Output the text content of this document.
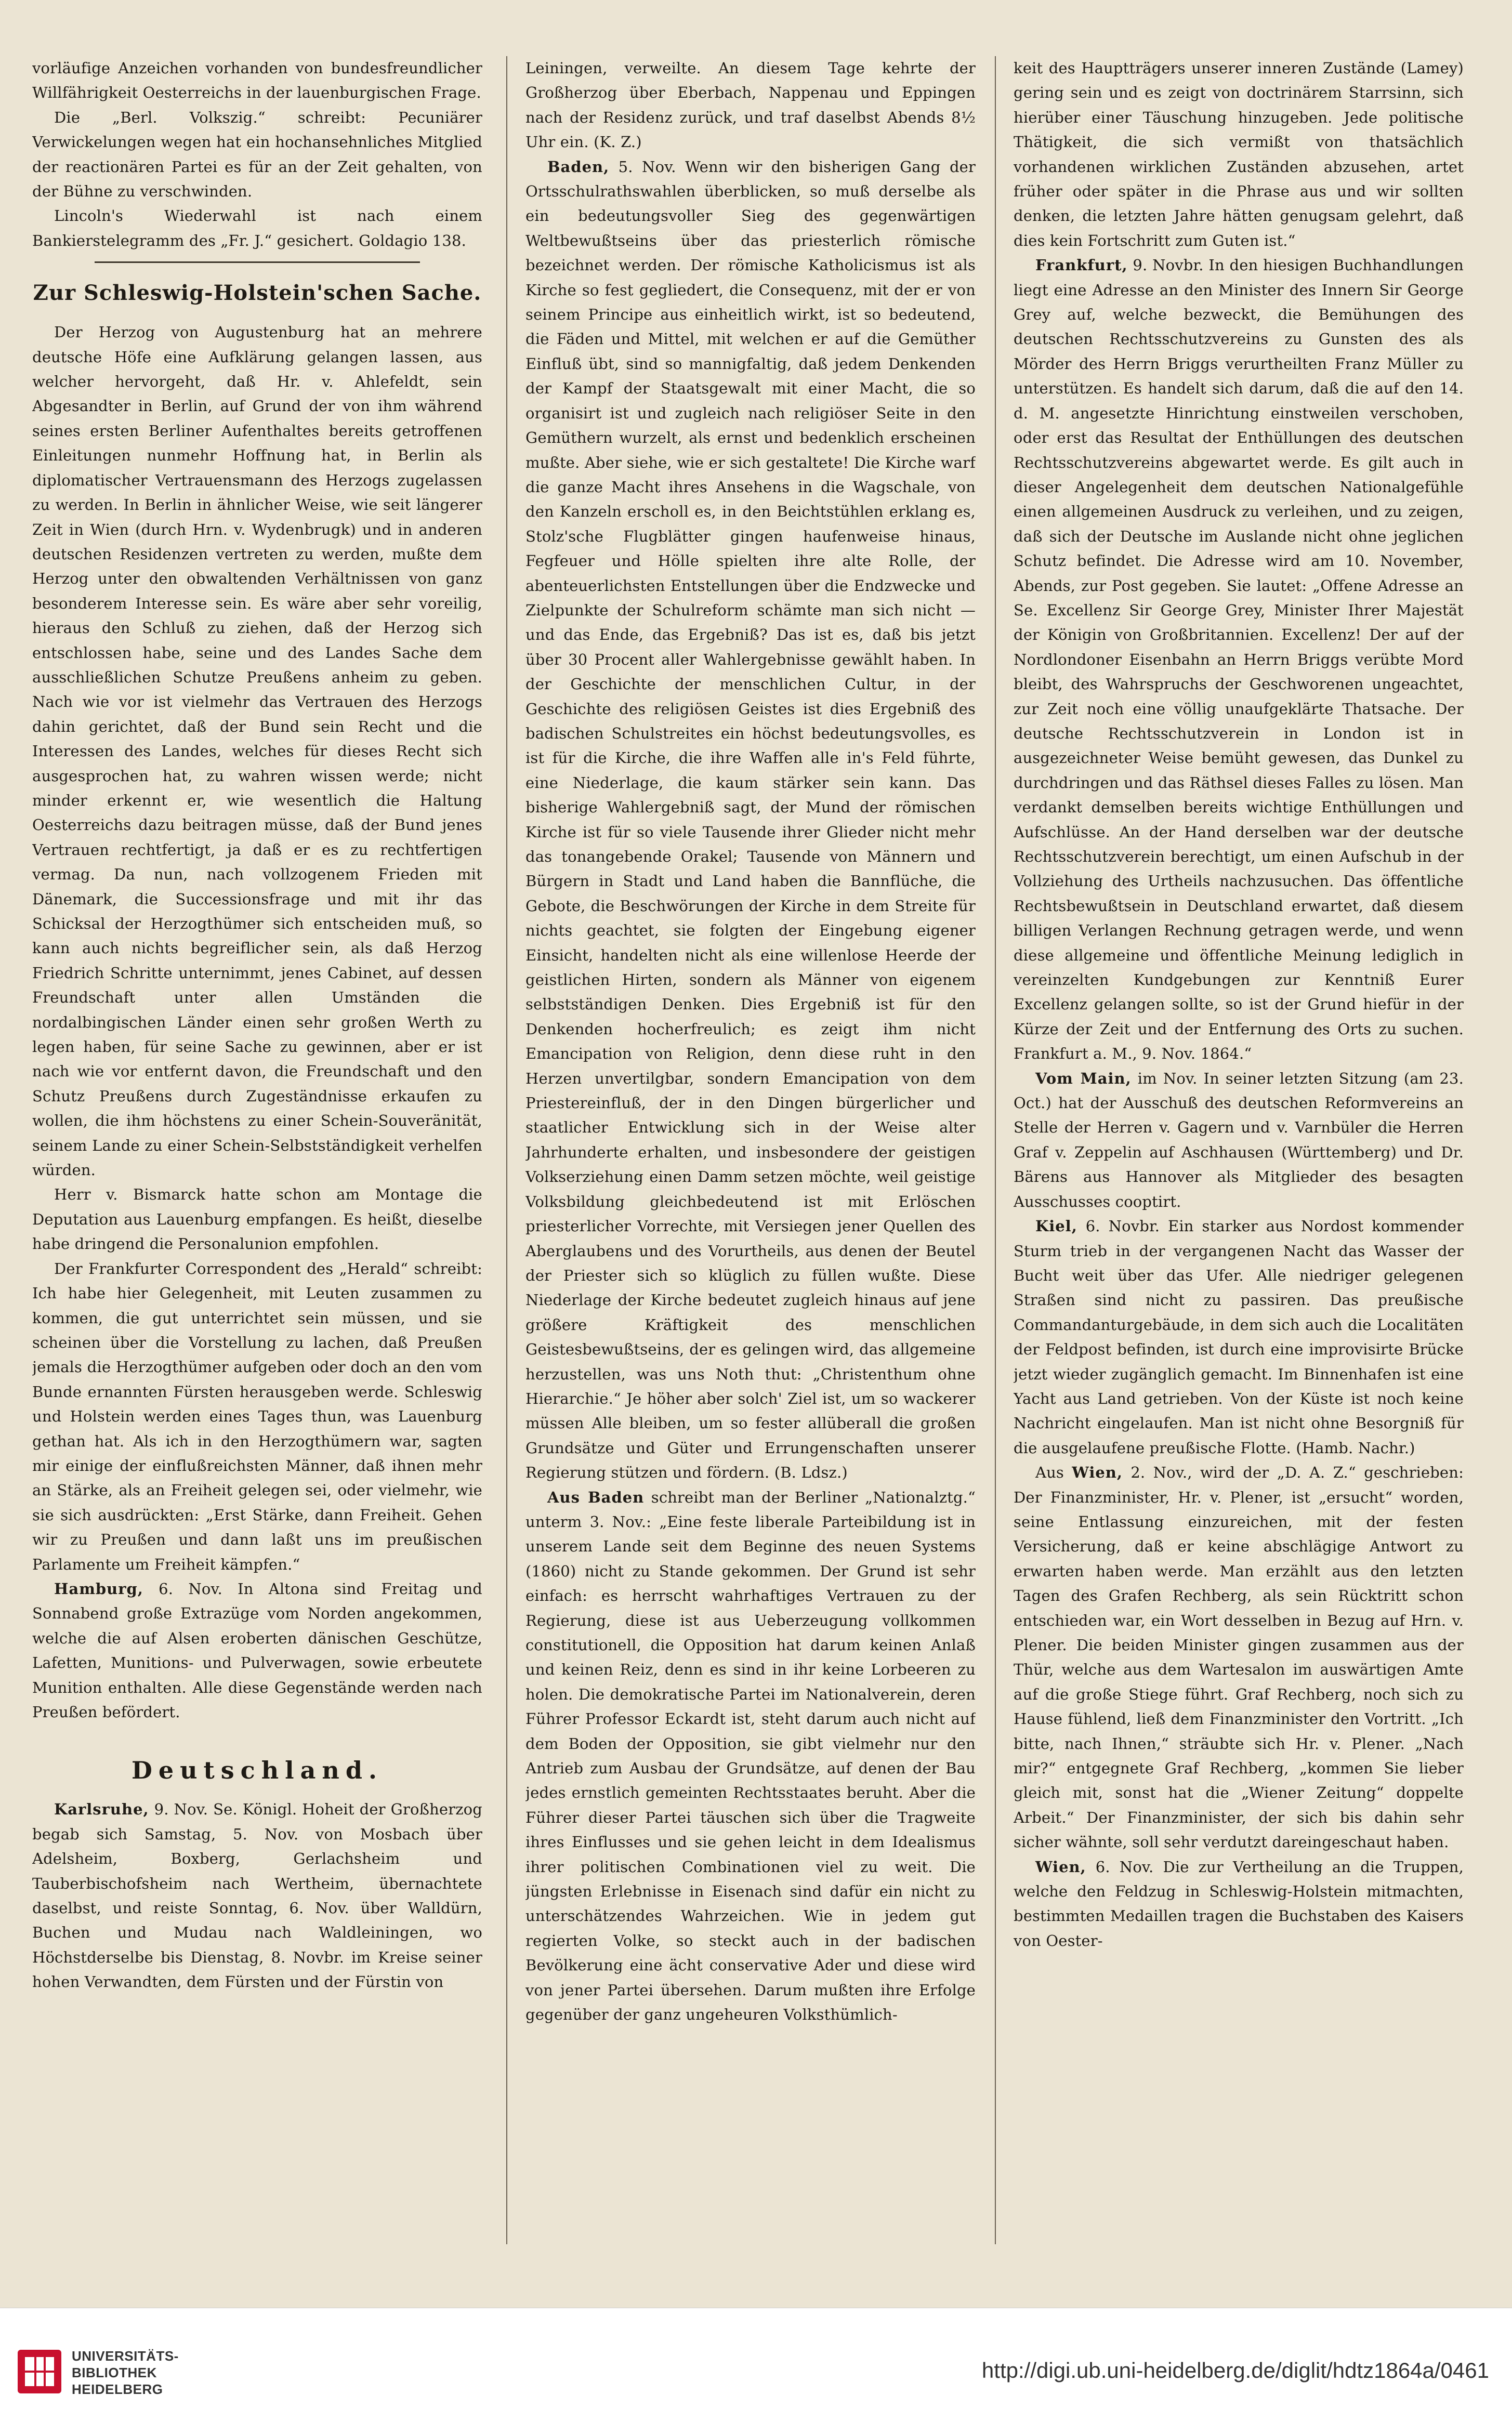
vorläufige Anzeichen vorhanden von bundesfreundlicher Willfährigkeit Oesterreichs in der lauenburgischen Frage.

Die „Berl. Volkszig.“ schreibt: Pecuniärer Verwickelungen wegen hat ein hochansehnliches Mitglied der reactionären Partei es für an der Zeit gehalten, von der Bühne zu verschwinden.

Lincoln's Wiederwahl ist nach einem Bankierstelegramm des „Fr. J.“ gesichert. Goldagio 138.

Zur Schleswig-Holstein'schen Sache.

Der Herzog von Augustenburg hat an mehrere deutsche Höfe eine Aufklärung gelangen lassen, aus welcher hervorgeht, daß Hr. v. Ahlefeldt, sein Abgesandter in Berlin, auf Grund der von ihm während seines ersten Berliner Aufenthaltes bereits getroffenen Einleitungen nunmehr Hoffnung hat, in Berlin als diplomatischer Vertrauensmann des Herzogs zugelassen zu werden. In Berlin in ähnlicher Weise, wie seit längerer Zeit in Wien (durch Hrn. v. Wydenbrugk) und in anderen deutschen Residenzen vertreten zu werden, mußte dem Herzog unter den obwaltenden Verhältnissen von ganz besonderem Interesse sein. Es wäre aber sehr voreilig, hieraus den Schluß zu ziehen, daß der Herzog sich entschlossen habe, seine und des Landes Sache dem ausschließlichen Schutze Preußens anheim zu geben. Nach wie vor ist vielmehr das Vertrauen des Herzogs dahin gerichtet, daß der Bund sein Recht und die Interessen des Landes, welches für dieses Recht sich ausgesprochen hat, zu wahren wissen werde; nicht minder erkennt er, wie wesentlich die Haltung Oesterreichs dazu beitragen müsse, daß der Bund jenes Vertrauen rechtfertigt, ja daß er es zu rechtfertigen vermag. Da nun, nach vollzogenem Frieden mit Dänemark, die Successionsfrage und mit ihr das Schicksal der Herzogthümer sich entscheiden muß, so kann auch nichts begreiflicher sein, als daß Herzog Friedrich Schritte unternimmt, jenes Cabinet, auf dessen Freundschaft unter allen Umständen die nordalbingischen Länder einen sehr großen Werth zu legen haben, für seine Sache zu gewinnen, aber er ist nach wie vor entfernt davon, die Freundschaft und den Schutz Preußens durch Zugeständnisse erkaufen zu wollen, die ihm höchstens zu einer Schein-Souveränität, seinem Lande zu einer Schein-Selbstständigkeit verhelfen würden.

Herr v. Bismarck hatte schon am Montage die Deputation aus Lauenburg empfangen. Es heißt, dieselbe habe dringend die Personalunion empfohlen.

Der Frankfurter Correspondent des „Herald“ schreibt: Ich habe hier Gelegenheit, mit Leuten zusammen zu kommen, die gut unterrichtet sein müssen, und sie scheinen über die Vorstellung zu lachen, daß Preußen jemals die Herzogthümer aufgeben oder doch an den vom Bunde ernannten Fürsten herausgeben werde. Schleswig und Holstein werden eines Tages thun, was Lauenburg gethan hat. Als ich in den Herzogthümern war, sagten mir einige der einflußreichsten Männer, daß ihnen mehr an Stärke, als an Freiheit gelegen sei, oder vielmehr, wie sie sich ausdrückten: „Erst Stärke, dann Freiheit. Gehen wir zu Preußen und dann laßt uns im preußischen Parlamente um Freiheit kämpfen.“

Hamburg, 6. Nov. In Altona sind Freitag und Sonnabend große Extrazüge vom Norden angekommen, welche die auf Alsen eroberten dänischen Geschütze, Lafetten, Munitions- und Pulverwagen, sowie erbeutete Munition enthalten. Alle diese Gegenstände werden nach Preußen befördert.

Deutschland.

Karlsruhe, 9. Nov. Se. Königl. Hoheit der Großherzog begab sich Samstag, 5. Nov. von Mosbach über Adelsheim, Boxberg, Gerlachsheim und Tauberbischofsheim nach Wertheim, übernachtete daselbst, und reiste Sonntag, 6. Nov. über Walldürn, Buchen und Mudau nach Waldleiningen, wo Höchstderselbe bis Dienstag, 8. Novbr. im Kreise seiner hohen Verwandten, dem Fürsten und der Fürstin von

Leiningen, verweilte. An diesem Tage kehrte der Großherzog über Eberbach, Nappenau und Eppingen nach der Residenz zurück, und traf daselbst Abends 8½ Uhr ein. (K. Z.)

Baden, 5. Nov. Wenn wir den bisherigen Gang der Ortsschulrathswahlen überblicken, so muß derselbe als ein bedeutungsvoller Sieg des gegenwärtigen Weltbewußtseins über das priesterlich römische bezeichnet werden. Der römische Katholicismus ist als Kirche so fest gegliedert, die Consequenz, mit der er von seinem Principe aus einheitlich wirkt, ist so bedeutend, die Fäden und Mittel, mit welchen er auf die Gemüther Einfluß übt, sind so mannigfaltig, daß jedem Denkenden der Kampf der Staatsgewalt mit einer Macht, die so organisirt ist und zugleich nach religiöser Seite in den Gemüthern wurzelt, als ernst und bedenklich erscheinen mußte. Aber siehe, wie er sich gestaltete! Die Kirche warf die ganze Macht ihres Ansehens in die Wagschale, von den Kanzeln erscholl es, in den Beichtstühlen erklang es, Stolz'sche Flugblätter gingen haufenweise hinaus, Fegfeuer und Hölle spielten ihre alte Rolle, der abenteuerlichsten Entstellungen über die Endzwecke und Zielpunkte der Schulreform schämte man sich nicht — und das Ende, das Ergebniß? Das ist es, daß bis jetzt über 30 Procent aller Wahlergebnisse gewählt haben. In der Geschichte der menschlichen Cultur, in der Geschichte des religiösen Geistes ist dies Ergebniß des badischen Schulstreites ein höchst bedeutungsvolles, es ist für die Kirche, die ihre Waffen alle in's Feld führte, eine Niederlage, die kaum stärker sein kann. Das bisherige Wahlergebniß sagt, der Mund der römischen Kirche ist für so viele Tausende ihrer Glieder nicht mehr das tonangebende Orakel; Tausende von Männern und Bürgern in Stadt und Land haben die Bannflüche, die Gebote, die Beschwörungen der Kirche in dem Streite für nichts geachtet, sie folgten der Eingebung eigener Einsicht, handelten nicht als eine willenlose Heerde der geistlichen Hirten, sondern als Männer von eigenem selbstständigen Denken. Dies Ergebniß ist für den Denkenden hocherfreulich; es zeigt ihm nicht Emancipation von Religion, denn diese ruht in den Herzen unvertilgbar, sondern Emancipation von dem Priestereinfluß, der in den Dingen bürgerlicher und staatlicher Entwicklung sich in der Weise alter Jahrhunderte erhalten, und insbesondere der geistigen Volkserziehung einen Damm setzen möchte, weil geistige Volksbildung gleichbedeutend ist mit Erlöschen priesterlicher Vorrechte, mit Versiegen jener Quellen des Aberglaubens und des Vorurtheils, aus denen der Beutel der Priester sich so klüglich zu füllen wußte. Diese Niederlage der Kirche bedeutet zugleich hinaus auf jene größere Kräftigkeit des menschlichen Geistesbewußtseins, der es gelingen wird, das allgemeine herzustellen, was uns Noth thut: „Christenthum ohne Hierarchie.“ Je höher aber solch' Ziel ist, um so wackerer müssen Alle bleiben, um so fester allüberall die großen Grundsätze und Güter und Errungenschaften unserer Regierung stützen und fördern. (B. Ldsz.)

Aus Baden schreibt man der Berliner „Nationalztg.“ unterm 3. Nov.: „Eine feste liberale Parteibildung ist in unserem Lande seit dem Beginne des neuen Systems (1860) nicht zu Stande gekommen. Der Grund ist sehr einfach: es herrscht wahrhaftiges Vertrauen zu der Regierung, diese ist aus Ueberzeugung vollkommen constitutionell, die Opposition hat darum keinen Anlaß und keinen Reiz, denn es sind in ihr keine Lorbeeren zu holen. Die demokratische Partei im Nationalverein, deren Führer Professor Eckardt ist, steht darum auch nicht auf dem Boden der Opposition, sie gibt vielmehr nur den Antrieb zum Ausbau der Grundsätze, auf denen der Bau jedes ernstlich gemeinten Rechtsstaates beruht. Aber die Führer dieser Partei täuschen sich über die Tragweite ihres Einflusses und sie gehen leicht in dem Idealismus ihrer politischen Combinationen viel zu weit. Die jüngsten Erlebnisse in Eisenach sind dafür ein nicht zu unterschätzendes Wahrzeichen. Wie in jedem gut regierten Volke, so steckt auch in der badischen Bevölkerung eine ächt conservative Ader und diese wird von jener Partei übersehen. Darum mußten ihre Erfolge gegenüber der ganz ungeheuren Volksthümlich-

keit des Hauptträgers unserer inneren Zustände (Lamey) gering sein und es zeigt von doctrinärem Starrsinn, sich hierüber einer Täuschung hinzugeben. Jede politische Thätigkeit, die sich vermißt von thatsächlich vorhandenen wirklichen Zuständen abzusehen, artet früher oder später in die Phrase aus und wir sollten denken, die letzten Jahre hätten genugsam gelehrt, daß dies kein Fortschritt zum Guten ist.“

Frankfurt, 9. Novbr. In den hiesigen Buchhandlungen liegt eine Adresse an den Minister des Innern Sir George Grey auf, welche bezweckt, die Bemühungen des deutschen Rechtsschutzvereins zu Gunsten des als Mörder des Herrn Briggs verurtheilten Franz Müller zu unterstützen. Es handelt sich darum, daß die auf den 14. d. M. angesetzte Hinrichtung einstweilen verschoben, oder erst das Resultat der Enthüllungen des deutschen Rechtsschutzvereins abgewartet werde. Es gilt auch in dieser Angelegenheit dem deutschen Nationalgefühle einen allgemeinen Ausdruck zu verleihen, und zu zeigen, daß sich der Deutsche im Auslande nicht ohne jeglichen Schutz befindet. Die Adresse wird am 10. November, Abends, zur Post gegeben. Sie lautet: „Offene Adresse an Se. Excellenz Sir George Grey, Minister Ihrer Majestät der Königin von Großbritannien. Excellenz! Der auf der Nordlondoner Eisenbahn an Herrn Briggs verübte Mord bleibt, des Wahrspruchs der Geschworenen ungeachtet, zur Zeit noch eine völlig unaufgeklärte Thatsache. Der deutsche Rechtsschutzverein in London ist in ausgezeichneter Weise bemüht gewesen, das Dunkel zu durchdringen und das Räthsel dieses Falles zu lösen. Man verdankt demselben bereits wichtige Enthüllungen und Aufschlüsse. An der Hand derselben war der deutsche Rechtsschutzverein berechtigt, um einen Aufschub in der Vollziehung des Urtheils nachzusuchen. Das öffentliche Rechtsbewußtsein in Deutschland erwartet, daß diesem billigen Verlangen Rechnung getragen werde, und wenn diese allgemeine und öffentliche Meinung lediglich in vereinzelten Kundgebungen zur Kenntniß Eurer Excellenz gelangen sollte, so ist der Grund hiefür in der Kürze der Zeit und der Entfernung des Orts zu suchen. Frankfurt a. M., 9. Nov. 1864.“

Vom Main, im Nov. In seiner letzten Sitzung (am 23. Oct.) hat der Ausschuß des deutschen Reformvereins an Stelle der Herren v. Gagern und v. Varnbüler die Herren Graf v. Zeppelin auf Aschhausen (Württemberg) und Dr. Bärens aus Hannover als Mitglieder des besagten Ausschusses cooptirt.

Kiel, 6. Novbr. Ein starker aus Nordost kommender Sturm trieb in der vergangenen Nacht das Wasser der Bucht weit über das Ufer. Alle niedriger gelegenen Straßen sind nicht zu passiren. Das preußische Commandanturgebäude, in dem sich auch die Localitäten der Feldpost befinden, ist durch eine improvisirte Brücke jetzt wieder zugänglich gemacht. Im Binnenhafen ist eine Yacht aus Land getrieben. Von der Küste ist noch keine Nachricht eingelaufen. Man ist nicht ohne Besorgniß für die ausgelaufene preußische Flotte. (Hamb. Nachr.)

Aus Wien, 2. Nov., wird der „D. A. Z.“ geschrieben: Der Finanzminister, Hr. v. Plener, ist „ersucht“ worden, seine Entlassung einzureichen, mit der festen Versicherung, daß er keine abschlägige Antwort zu erwarten haben werde. Man erzählt aus den letzten Tagen des Grafen Rechberg, als sein Rücktritt schon entschieden war, ein Wort desselben in Bezug auf Hrn. v. Plener. Die beiden Minister gingen zusammen aus der Thür, welche aus dem Wartesalon im auswärtigen Amte auf die große Stiege führt. Graf Rechberg, noch sich zu Hause fühlend, ließ dem Finanzminister den Vortritt. „Ich bitte, nach Ihnen,“ sträubte sich Hr. v. Plener. „Nach mir?“ entgegnete Graf Rechberg, „kommen Sie lieber gleich mit, sonst hat die „Wiener Zeitung“ doppelte Arbeit.“ Der Finanzminister, der sich bis dahin sehr sicher wähnte, soll sehr verdutzt dareingeschaut haben.

Wien, 6. Nov. Die zur Vertheilung an die Truppen, welche den Feldzug in Schleswig-Holstein mitmachten, bestimmten Medaillen tragen die Buchstaben des Kaisers von Oester-

UNIVERSITÄTS-
BIBLIOTHEK
HEIDELBERG
http://digi.ub.uni-heidelberg.de/diglit/hdtz1864a/0461
